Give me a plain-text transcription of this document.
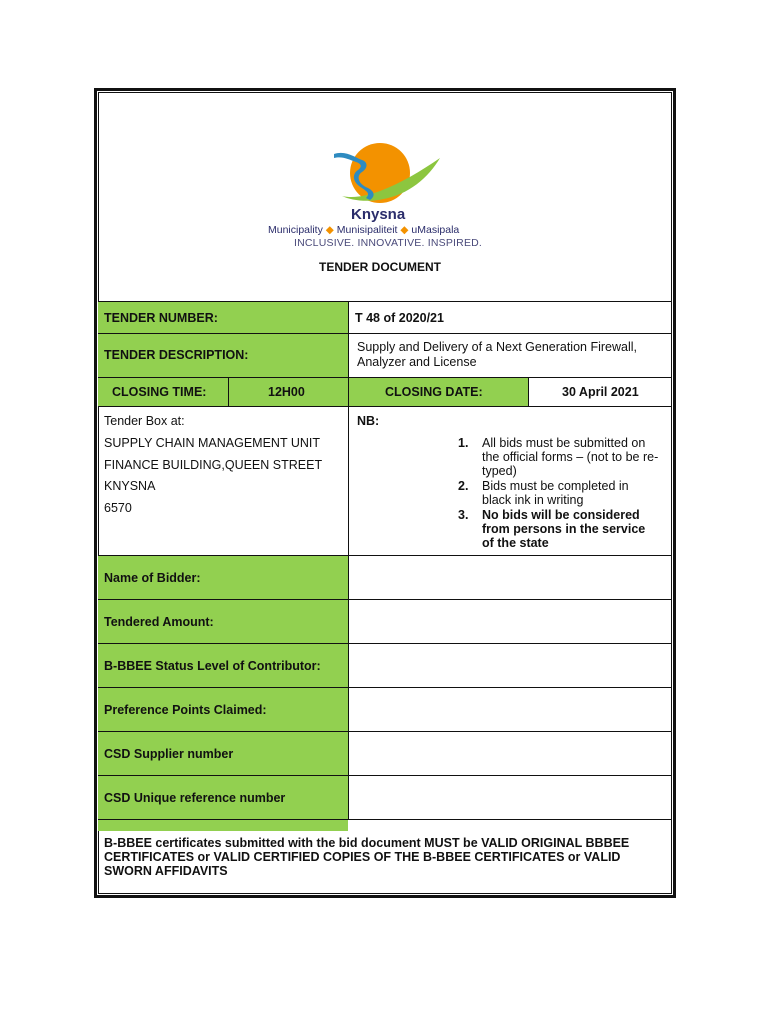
Knysna
Municipality ◆ Munisipaliteit ◆ uMasipala
INCLUSIVE. INNOVATIVE. INSPIRED.
TENDER DOCUMENT
TENDER NUMBER:	T 48 of 2020/21
TENDER DESCRIPTION:
Supply and Delivery of a Next Generation Firewall,
Analyzer and License
CLOSING TIME:	12H00	CLOSING DATE:	30 April 2021
Tender Box at:
SUPPLY CHAIN MANAGEMENT UNIT
FINANCE BUILDING,QUEEN STREET
KNYSNA
6570
NB:
1. All bids must be submitted on
the official forms – (not to be re-
typed)
2. Bids must be completed in
black ink in writing
3. No bids will be considered
from persons in the service
of the state
Name of Bidder:
Tendered Amount:
B-BBEE Status Level of Contributor:
Preference Points Claimed:
CSD Supplier number
CSD Unique reference number
B-BBEE certificates submitted with the bid document MUST be VALID ORIGINAL BBBEE
CERTIFICATES or VALID CERTIFIED COPIES OF THE B-BBEE CERTIFICATES or VALID
SWORN AFFIDAVITS
